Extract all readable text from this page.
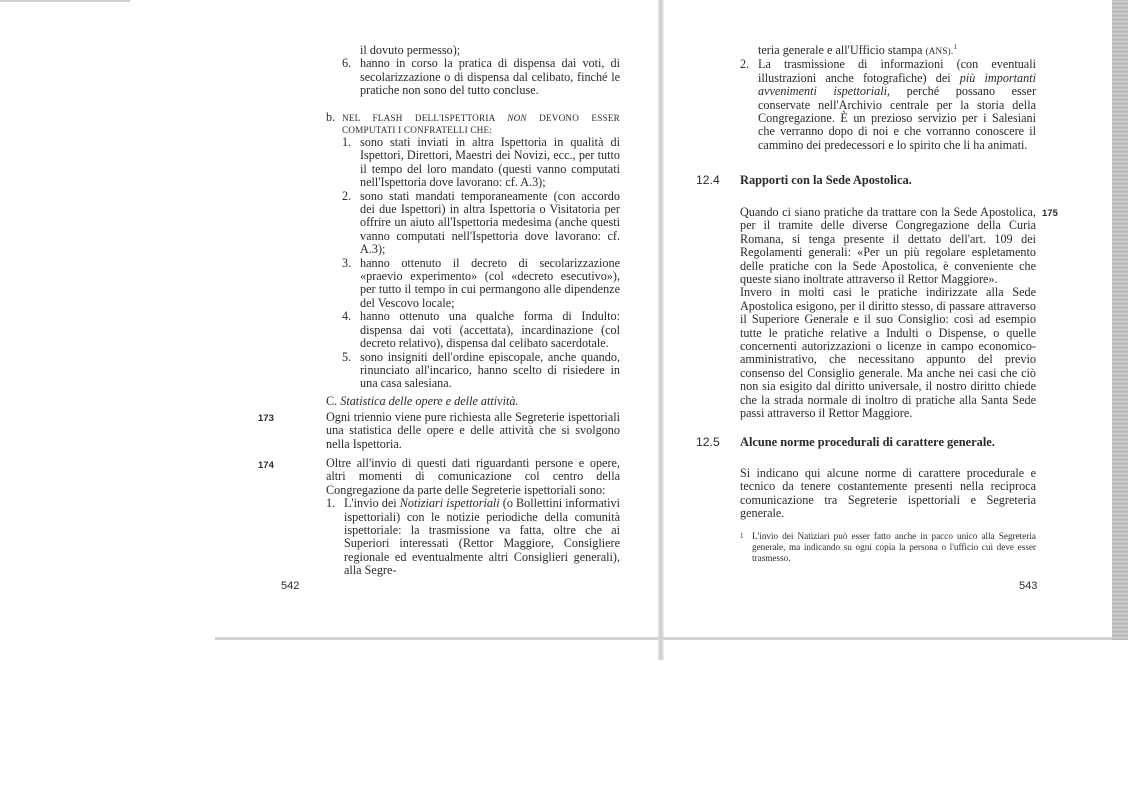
il dovuto permesso);
6. hanno in corso la pratica di dispensa dai voti, di secolarizzazione o di dispensa dal celibato, finché le pratiche non sono del tutto concluse.
b. NEL FLASH DELL'ISPETTORIA NON DEVONO ESSER COMPUTATI I CONFRATELLI CHE:
1. sono stati inviati in altra Ispettoria in qualità di Ispettori, Direttori, Maestri dei Novizi, ecc., per tutto il tempo del loro mandato (questi vanno computati nell'Ispettoria dove lavorano: cf. A.3);
2. sono stati mandati temporaneamente (con accordo dei due Ispettori) in altra Ispettoria o Visitatoria per offrire un aiuto all'Ispettoria medesima (anche questi vanno computati nell'Ispettoria dove lavorano: cf. A.3);
3. hanno ottenuto il decreto di secolarizzazione «praevio experimento» (col «decreto esecutivo»), per tutto il tempo in cui permangono alle dipendenze del Vescovo locale;
4. hanno ottenuto una qualche forma di Indulto: dispensa dai voti (accettata), incardinazione (col decreto relativo), dispensa dal celibato sacerdotale.
5. sono insigniti dell'ordine episcopale, anche quando, rinunciato all'incarico, hanno scelto di risiedere in una casa salesiana.
C. Statistica delle opere e delle attività.
173	Ogni triennio viene pure richiesta alle Segreterie ispettoriali una statistica delle opere e delle attività che si svolgono nella Ispettoria.

174	Oltre all'invio di questi dati riguardanti persone e opere, altri momenti di comunicazione col centro della Congregazione da parte delle Segreterie ispettoriali sono:

1. L'invio dei Notiziari ispettoriali (o Bollettini informativi ispettoriali) con le notizie periodiche della comunità ispettoriale: la trasmissione va fatta, oltre che ai Superiori interessati (Rettor Maggiore, Consigliere regionale ed eventualmente altri Consiglieri generali), alla Segre-
542
teria generale e all'Ufficio stampa (ANS).$^1$
2. La trasmissione di informazioni (con eventuali illustrazioni anche fotografiche) dei più importanti avvenimenti ispettoriali, perché possano esser conservate nell'Archivio centrale per la storia della Congregazione. È un prezioso servizio per i Salesiani che verranno dopo di noi e che vorranno conoscere il cammino dei predecessori e lo spirito che li ha animati.
12.4 Rapporti con la Sede Apostolica.

Quando ci siano pratiche da trattare con la Sede Apostolica, per il tramite delle diverse Congregazione della Curia Romana, si tenga presente il dettato dell'art. 109 dei Regolamenti generali: «Per un più regolare espletamento delle pratiche con la Sede Apostolica, è conveniente che queste siano inoltrate attraverso il Rettor Maggiore».

Invero in molti casi le pratiche indirizzate alla Sede Apostolica esigono, per il diritto stesso, di passare attraverso il Superiore Generale e il suo Consiglio: così ad esempio tutte le pratiche relative a Indulti o Dispense, o quelle concernenti autorizzazioni o licenze in campo economico-amministrativo, che necessitano appunto del previo consenso del Consiglio generale. Ma anche nei casi che ciò non sia esigito dal diritto universale, il nostro diritto chiede che la strada normale di inoltro di pratiche alla Santa Sede passi attraverso il Rettor Maggiore.

175
12.5 Alcune norme procedurali di carattere generale.

Si indicano qui alcune norme di carattere procedurale e tecnico da tenere costantemente presenti nella reciproca comunicazione tra Segreterie ispettoriali e Segreteria generale.

1 L'invio dei Natiziari può esser fatto anche in pacco unico alla Segreteria generale, ma indicando su ogni copia la persona o l'ufficio cui deve esser trasmesso.
543
